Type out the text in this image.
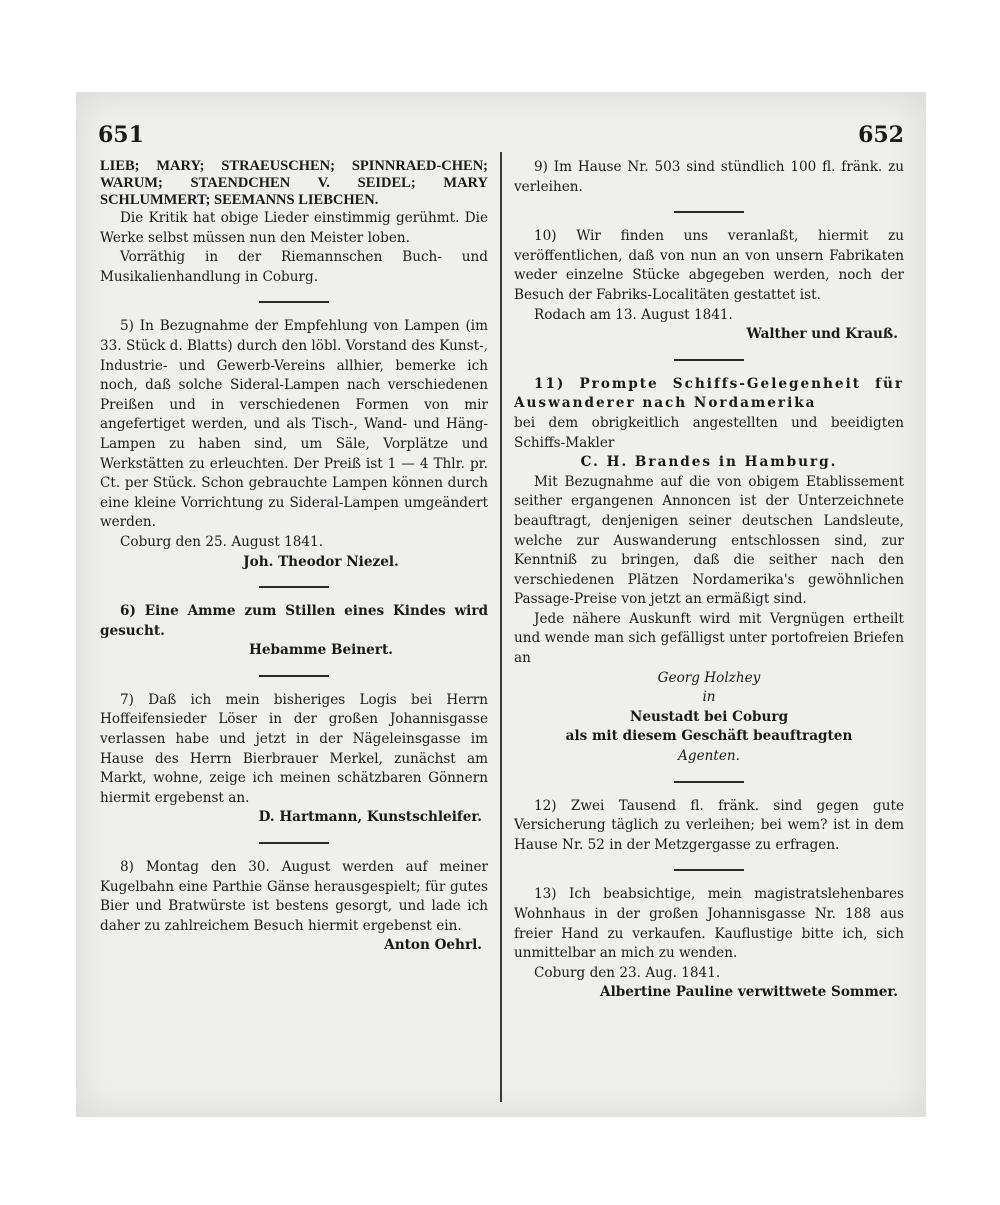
651	652

LIEB; MARY; STRAEUSCHEN; SPINNRAED-CHEN; WARUM; STAENDCHEN V. SEIDEL; MARY SCHLUMMERT; SEEMANNS LIEBCHEN.

Die Kritik hat obige Lieder einstimmig gerühmt. Die Werke selbst müssen nun den Meister loben.

Vorräthig in der Riemannschen Buch- und Musikalienhandlung in Coburg.

5) In Bezugnahme der Empfehlung von Lampen (im 33. Stück d. Blatts) durch den löbl. Vorstand des Kunst-, Industrie- und Gewerb-Vereins allhier, bemerke ich noch, daß solche Sideral-Lampen nach verschiedenen Preißen und in verschiedenen Formen von mir angefertiget werden, und als Tisch-, Wand- und Häng-Lampen zu haben sind, um Säle, Vorplätze und Werkstätten zu erleuchten. Der Preiß ist 1 — 4 Thlr. pr. Ct. per Stück. Schon gebrauchte Lampen können durch eine kleine Vorrichtung zu Sideral-Lampen umgeändert werden.

Coburg den 25. August 1841.

Joh. Theodor Niezel.

6) Eine Amme zum Stillen eines Kindes wird gesucht.

Hebamme Beinert.

7) Daß ich mein bisheriges Logis bei Herrn Hoffeifensieder Löser in der großen Johannisgasse verlassen habe und jetzt in der Nägeleinsgasse im Hause des Herrn Bierbrauer Merkel, zunächst am Markt, wohne, zeige ich meinen schätzbaren Gönnern hiermit ergebenst an.

D. Hartmann, Kunstschleifer.

8) Montag den 30. August werden auf meiner Kugelbahn eine Parthie Gänse herausgespielt; für gutes Bier und Bratwürste ist bestens gesorgt, und lade ich daher zu zahlreichem Besuch hiermit ergebenst ein.

Anton Oehrl.

9) Im Hause Nr. 503 sind stündlich 100 fl. fränk. zu verleihen.

10) Wir finden uns veranlaßt, hiermit zu veröffentlichen, daß von nun an von unsern Fabrikaten weder einzelne Stücke abgegeben werden, noch der Besuch der Fabriks-Localitäten gestattet ist.

Rodach am 13. August 1841.

Walther und Krauß.

11) Prompte Schiffs-Gelegenheit für Auswanderer nach Nordamerika

bei dem obrigkeitlich angestellten und beeidigten Schiffs-Makler

C. H. Brandes in Hamburg.

Mit Bezugnahme auf die von obigem Etablissement seither ergangenen Annoncen ist der Unterzeichnete beauftragt, denjenigen seiner deutschen Landsleute, welche zur Auswanderung entschlossen sind, zur Kenntniß zu bringen, daß die seither nach den verschiedenen Plätzen Nordamerika's gewöhnlichen Passage-Preise von jetzt an ermäßigt sind.

Jede nähere Auskunft wird mit Vergnügen ertheilt und wende man sich gefälligst unter portofreien Briefen an

Georg Holzhey

in

Neustadt bei Coburg

als mit diesem Geschäft beauftragten

Agenten.

12) Zwei Tausend fl. fränk. sind gegen gute Versicherung täglich zu verleihen; bei wem? ist in dem Hause Nr. 52 in der Metzgergasse zu erfragen.

13) Ich beabsichtige, mein magistratslehenbares Wohnhaus in der großen Johannisgasse Nr. 188 aus freier Hand zu verkaufen. Kauflustige bitte ich, sich unmittelbar an mich zu wenden.

Coburg den 23. Aug. 1841.

Albertine Pauline verwittwete Sommer.
